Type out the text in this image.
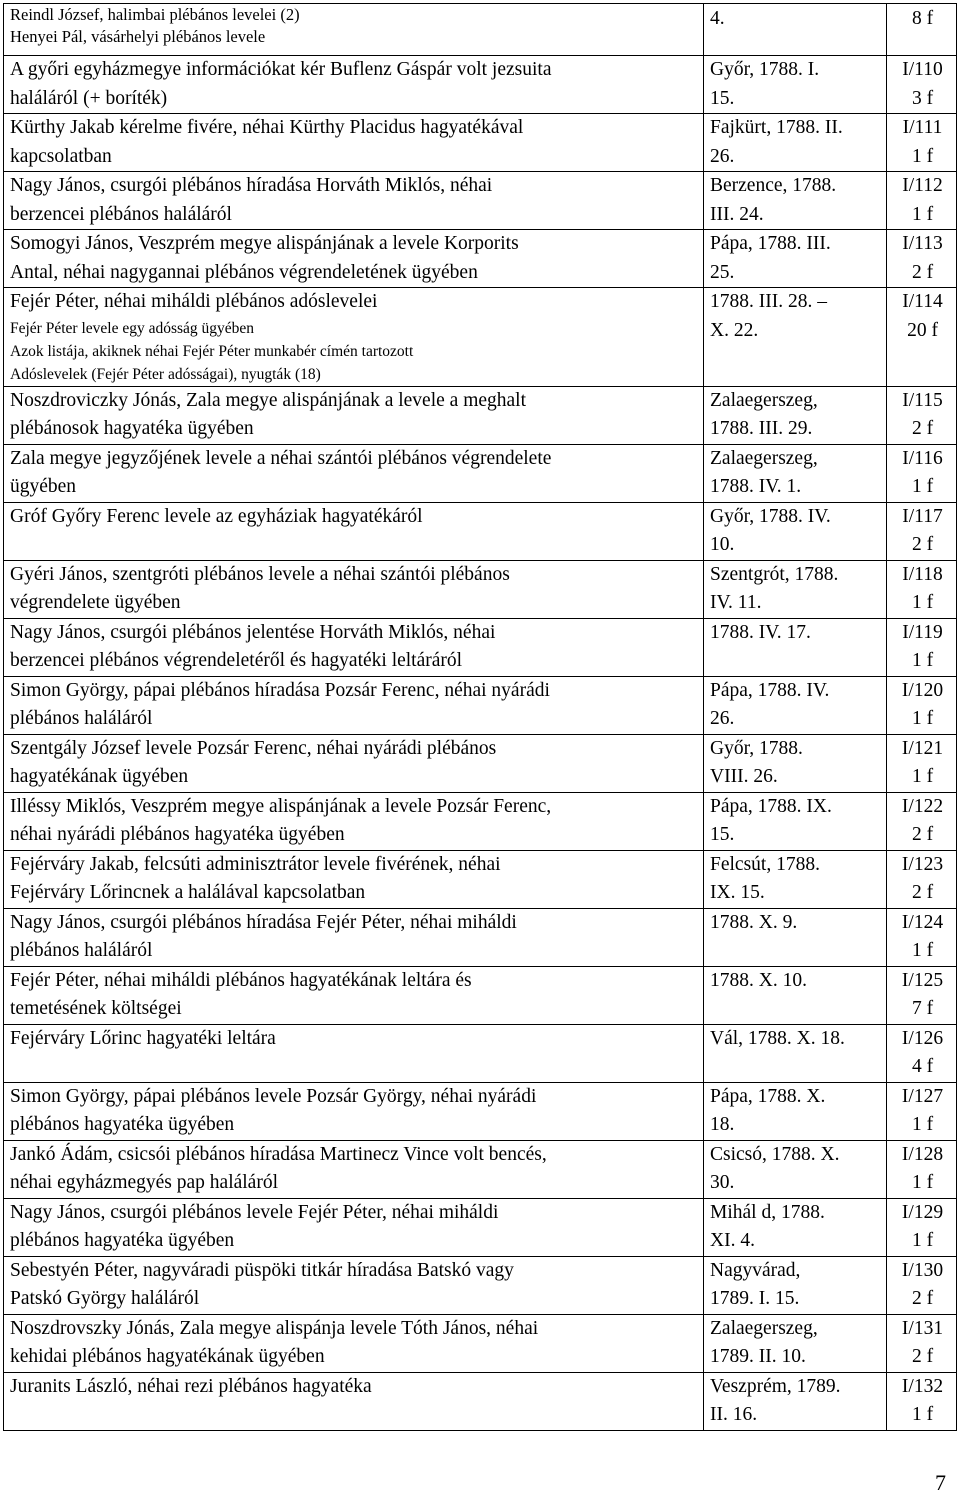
Reindl József, halimbai plébános levelei (2)
Henyei Pál, vásárhelyi plébános levele	4.	8 f

A győri egyházmegye információkat kér Buflenz Gáspár volt jezsuita
haláláról (+ boríték)	Győr, 1788. I.
15.	I/110
3 f

Kürthy Jakab kérelme fivére, néhai Kürthy Placidus hagyatékával
kapcsolatban	Fajkürt, 1788. II.
26.	I/111
1 f

Nagy János, csurgói plébános híradása Horváth Miklós, néhai
berzencei plébános haláláról	Berzence, 1788.
III. 24.	I/112
1 f

Somogyi János, Veszprém megye alispánjának a levele Korporits
Antal, néhai nagygannai plébános végrendeletének ügyében	Pápa, 1788. III.
25.	I/113
2 f

Fejér Péter, néhai miháldi plébános adóslevelei
Fejér Péter levele egy adósság ügyében
Azok listája, akiknek néhai Fejér Péter munkabér címén tartozott
Adóslevelek (Fejér Péter adósságai), nyugták (18)	1788. III. 28. –
X. 22.	I/114
20 f

Noszdroviczky Jónás, Zala megye alispánjának a levele a meghalt
plébánosok hagyatéka ügyében	Zalaegerszeg,
1788. III. 29.	I/115
2 f

Zala megye jegyzőjének levele a néhai szántói plébános végrendelete
ügyében	Zalaegerszeg,
1788. IV. 1.	I/116
1 f

Gróf Győry Ferenc levele az egyháziak hagyatékáról	Győr, 1788. IV.
10.	I/117
2 f

Gyéri János, szentgróti plébános levele a néhai szántói plébános
végrendelete ügyében	Szentgrót, 1788.
IV. 11.	I/118
1 f

Nagy János, csurgói plébános jelentése Horváth Miklós, néhai
berzencei plébános végrendeletéről és hagyatéki leltáráról	1788. IV. 17.	I/119
1 f

Simon György, pápai plébános híradása Pozsár Ferenc, néhai nyárádi
plébános haláláról	Pápa, 1788. IV.
26.	I/120
1 f

Szentgály József levele Pozsár Ferenc, néhai nyárádi plébános
hagyatékának ügyében	Győr, 1788.
VIII. 26.	I/121
1 f

Illéssy Miklós, Veszprém megye alispánjának a levele Pozsár Ferenc,
néhai nyárádi plébános hagyatéka ügyében	Pápa, 1788. IX.
15.	I/122
2 f

Fejérváry Jakab, felcsúti adminisztrátor levele fivérének, néhai
Fejérváry Lőrincnek a halálával kapcsolatban	Felcsút, 1788.
IX. 15.	I/123
2 f

Nagy János, csurgói plébános híradása Fejér Péter, néhai miháldi
plébános haláláról	1788. X. 9.	I/124
1 f

Fejér Péter, néhai miháldi plébános hagyatékának leltára és
temetésének költségei	1788. X. 10.	I/125
7 f

Fejérváry Lőrinc hagyatéki leltára	Vál, 1788. X. 18.	I/126
4 f

Simon György, pápai plébános levele Pozsár György, néhai nyárádi
plébános hagyatéka ügyében	Pápa, 1788. X.
18.	I/127
1 f

Jankó Ádám, csicsói plébános híradása Martinecz Vince volt bencés,
néhai egyházmegyés pap haláláról	Csicsó, 1788. X.
30.	I/128
1 f

Nagy János, csurgói plébános levele Fejér Péter, néhai miháldi
plébános hagyatéka ügyében	Mihál d, 1788.
XI. 4.	I/129
1 f

Sebestyén Péter, nagyváradi püspöki titkár híradása Batskó vagy
Patskó György haláláról	Nagyvárad,
1789. I. 15.	I/130
2 f

Noszdrovszky Jónás, Zala megye alispánja levele Tóth János, néhai
kehidai plébános hagyatékának ügyében	Zalaegerszeg,
1789. II. 10.	I/131
2 f

Juranits László, néhai rezi plébános hagyatéka	Veszprém, 1789.
II. 16.	I/132
1 f
7
